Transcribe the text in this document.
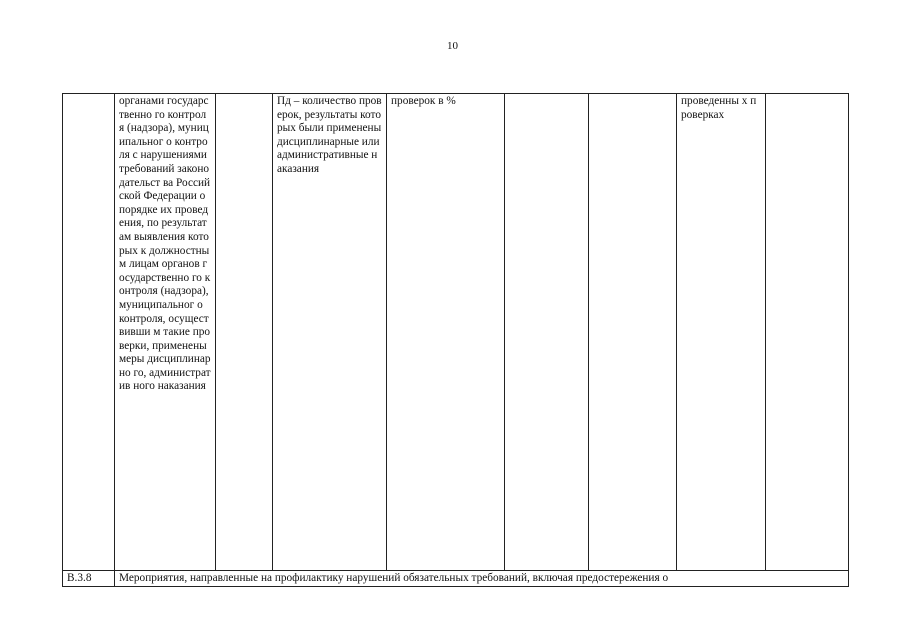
10
	органами государственно го контроля (надзора), муниципальног о контроля с нарушениями требований законодательст ва Российской Федерации о порядке их проведения, по результатам выявления которых к должностным лицам органов государственно го контроля (надзора), муниципальног о контроля, осуществивши м такие проверки, применены меры дисциплинарно го, административ ного наказания		Пд – количество проверок, результаты которых были применены дисциплинарные или административные наказания	проверок в %			проведенны х проверках	
B.3.8	Мероприятия, направленные на профилактику нарушений обязательных требований, включая предостережения о							
